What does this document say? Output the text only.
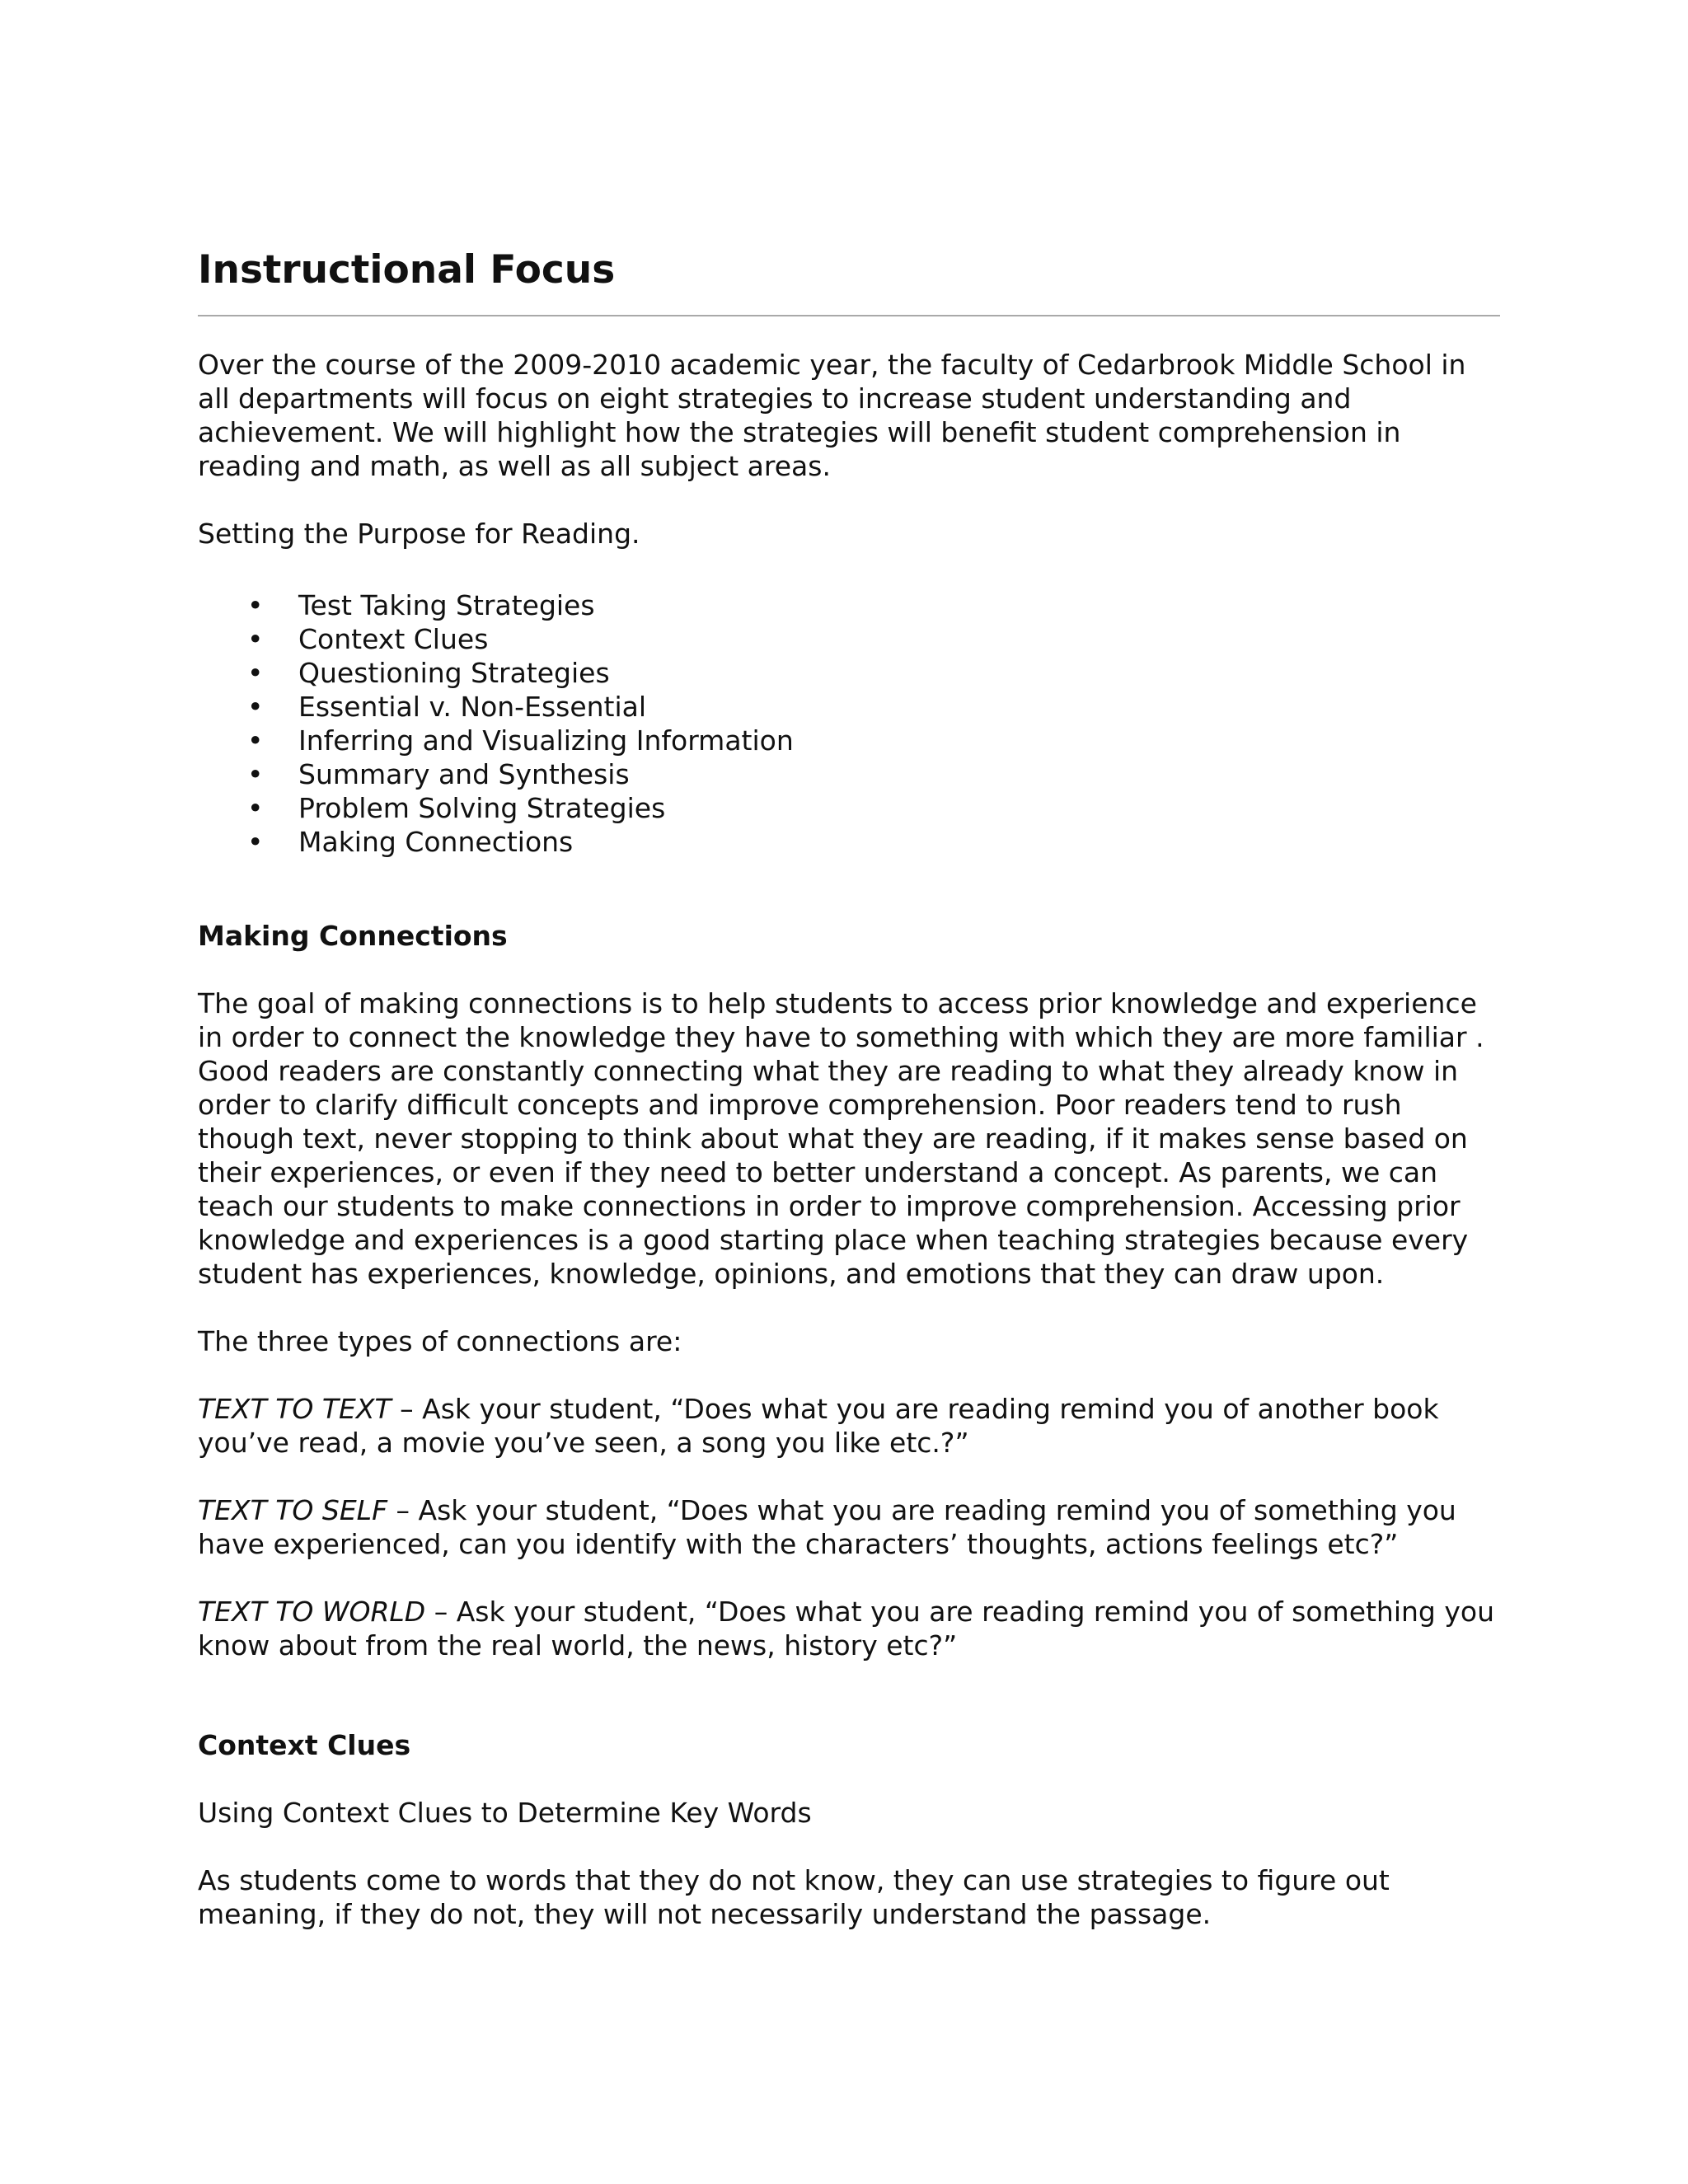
Instructional Focus

Over the course of the 2009-2010 academic year, the faculty of Cedarbrook Middle School in all departments will focus on eight strategies to increase student understanding and achievement. We will highlight how the strategies will benefit student comprehension in reading and math, as well as all subject areas.

Setting the Purpose for Reading.

• Test Taking Strategies
• Context Clues
• Questioning Strategies
• Essential v. Non-Essential
• Inferring and Visualizing Information
• Summary and Synthesis
• Problem Solving Strategies
• Making Connections
Making Connections

The goal of making connections is to help students to access prior knowledge and experience in order to connect the knowledge they have to something with which they are more familiar . Good readers are constantly connecting what they are reading to what they already know in order to clarify difficult concepts and improve comprehension. Poor readers tend to rush though text, never stopping to think about what they are reading, if it makes sense based on their experiences, or even if they need to better understand a concept. As parents, we can teach our students to make connections in order to improve comprehension. Accessing prior knowledge and experiences is a good starting place when teaching strategies because every student has experiences, knowledge, opinions, and emotions that they can draw upon.

The three types of connections are:

TEXT TO TEXT – Ask your student, “Does what you are reading remind you of another book you’ve read, a movie you’ve seen, a song you like etc.?”

TEXT TO SELF – Ask your student, “Does what you are reading remind you of something you have experienced, can you identify with the characters’ thoughts, actions feelings etc?”

TEXT TO WORLD – Ask your student, “Does what you are reading remind you of something you know about from the real world, the news, history etc?”

Context Clues

Using Context Clues to Determine Key Words

As students come to words that they do not know, they can use strategies to figure out meaning, if they do not, they will not necessarily understand the passage.
